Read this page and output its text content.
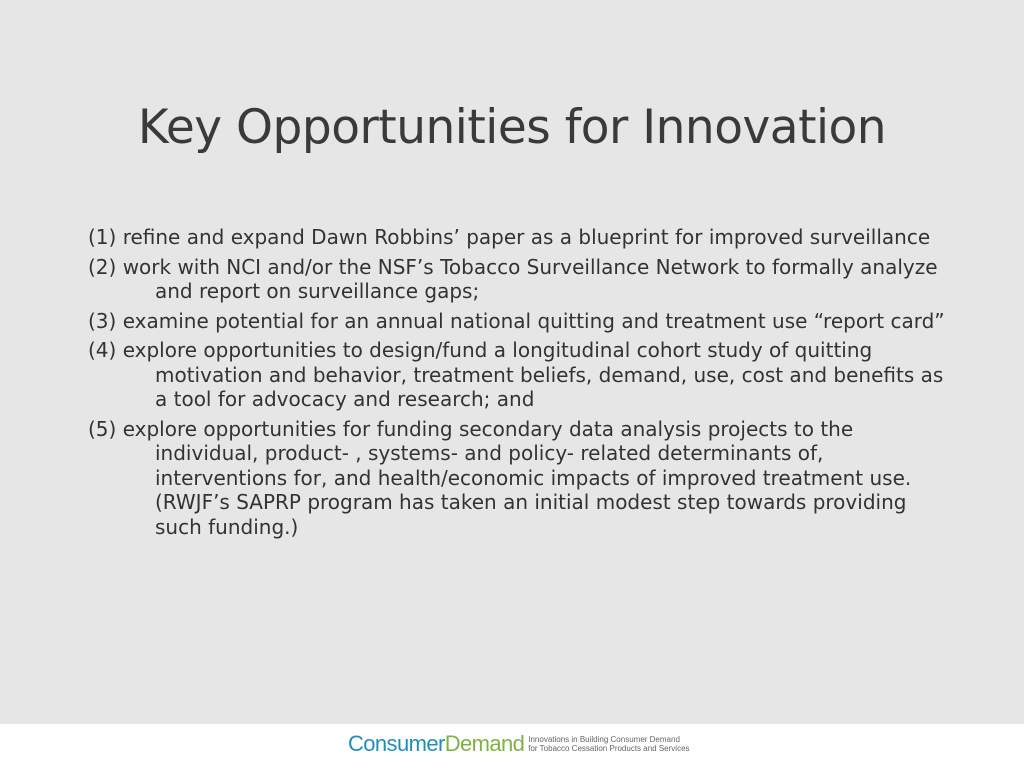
Key Opportunities for Innovation
(1) refine and expand Dawn Robbins’ paper as a blueprint for improved surveillance
(2) work with NCI and/or the NSF’s Tobacco Surveillance Network to formally analyze and report on surveillance gaps;
(3) examine potential for an annual national quitting and treatment use “report card”
(4) explore opportunities to design/fund a longitudinal cohort study of quitting motivation and behavior, treatment beliefs, demand, use, cost and benefits as a tool for advocacy and research; and
(5) explore opportunities for funding secondary data analysis projects to the individual, product- , systems- and policy- related determinants of, interventions for, and health/economic impacts of improved treatment use. (RWJF’s SAPRP program has taken an initial modest step towards providing such funding.)
ConsumerDemand Innovations in Building Consumer Demand
for Tobacco Cessation Products and Services
